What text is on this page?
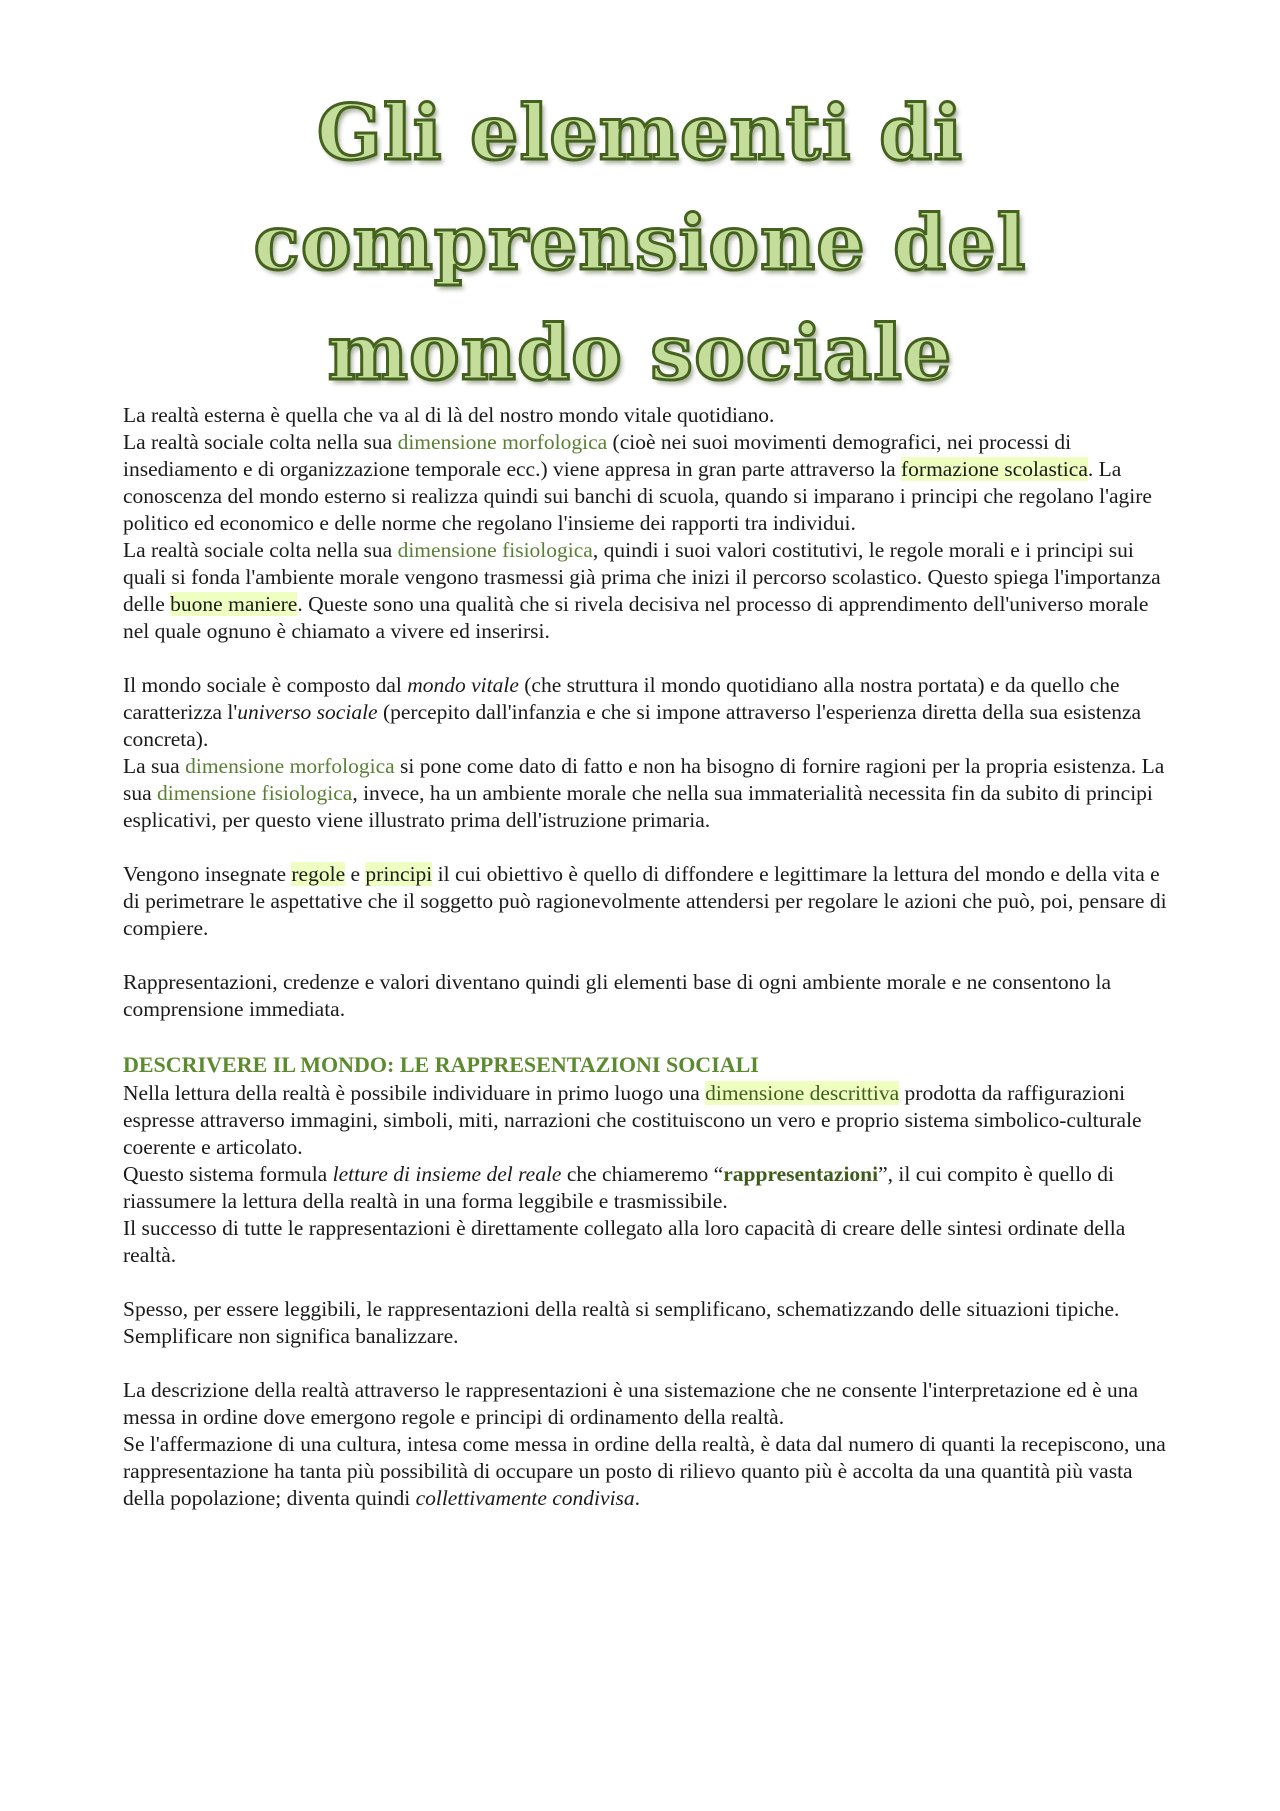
Gli elementi di
comprensione del
mondo sociale

La realtà esterna è quella che va al di là del nostro mondo vitale quotidiano.
La realtà sociale colta nella sua dimensione morfologica (cioè nei suoi movimenti demografici, nei processi di insediamento e di organizzazione temporale ecc.) viene appresa in gran parte attraverso la formazione scolastica. La conoscenza del mondo esterno si realizza quindi sui banchi di scuola, quando si imparano i principi che regolano l'agire politico ed economico e delle norme che regolano l'insieme dei rapporti tra individui.

La realtà sociale colta nella sua dimensione fisiologica, quindi i suoi valori costitutivi, le regole morali e i principi sui quali si fonda l'ambiente morale vengono trasmessi già prima che inizi il percorso scolastico. Questo spiega l'importanza delle buone maniere. Queste sono una qualità che si rivela decisiva nel processo di apprendimento dell'universo morale nel quale ognuno è chiamato a vivere ed inserirsi.

Il mondo sociale è composto dal mondo vitale (che struttura il mondo quotidiano alla nostra portata) e da quello che caratterizza l'universo sociale (percepito dall'infanzia e che si impone attraverso l'esperienza diretta della sua esistenza concreta).

La sua dimensione morfologica si pone come dato di fatto e non ha bisogno di fornire ragioni per la propria esistenza. La sua dimensione fisiologica, invece, ha un ambiente morale che nella sua immaterialità necessita fin da subito di principi esplicativi, per questo viene illustrato prima dell'istruzione primaria.

Vengono insegnate regole e principi il cui obiettivo è quello di diffondere e legittimare la lettura del mondo e della vita e di perimetrare le aspettative che il soggetto può ragionevolmente attendersi per regolare le azioni che può, poi, pensare di compiere.

Rappresentazioni, credenze e valori diventano quindi gli elementi base di ogni ambiente morale e ne consentono la comprensione immediata.

DESCRIVERE IL MONDO: LE RAPPRESENTAZIONI SOCIALI

Nella lettura della realtà è possibile individuare in primo luogo una dimensione descrittiva prodotta da raffigurazioni espresse attraverso immagini, simboli, miti, narrazioni che costituiscono un vero e proprio sistema simbolico-culturale coerente e articolato.

Questo sistema formula letture di insieme del reale che chiameremo “rappresentazioni”, il cui compito è quello di riassumere la lettura della realtà in una forma leggibile e trasmissibile.

Il successo di tutte le rappresentazioni è direttamente collegato alla loro capacità di creare delle sintesi ordinate della realtà.

Spesso, per essere leggibili, le rappresentazioni della realtà si semplificano, schematizzando delle situazioni tipiche. Semplificare non significa banalizzare.

La descrizione della realtà attraverso le rappresentazioni è una sistemazione che ne consente l'interpretazione ed è una messa in ordine dove emergono regole e principi di ordinamento della realtà.

Se l'affermazione di una cultura, intesa come messa in ordine della realtà, è data dal numero di quanti la recepiscono, una rappresentazione ha tanta più possibilità di occupare un posto di rilievo quanto più è accolta da una quantità più vasta della popolazione; diventa quindi collettivamente condivisa.
